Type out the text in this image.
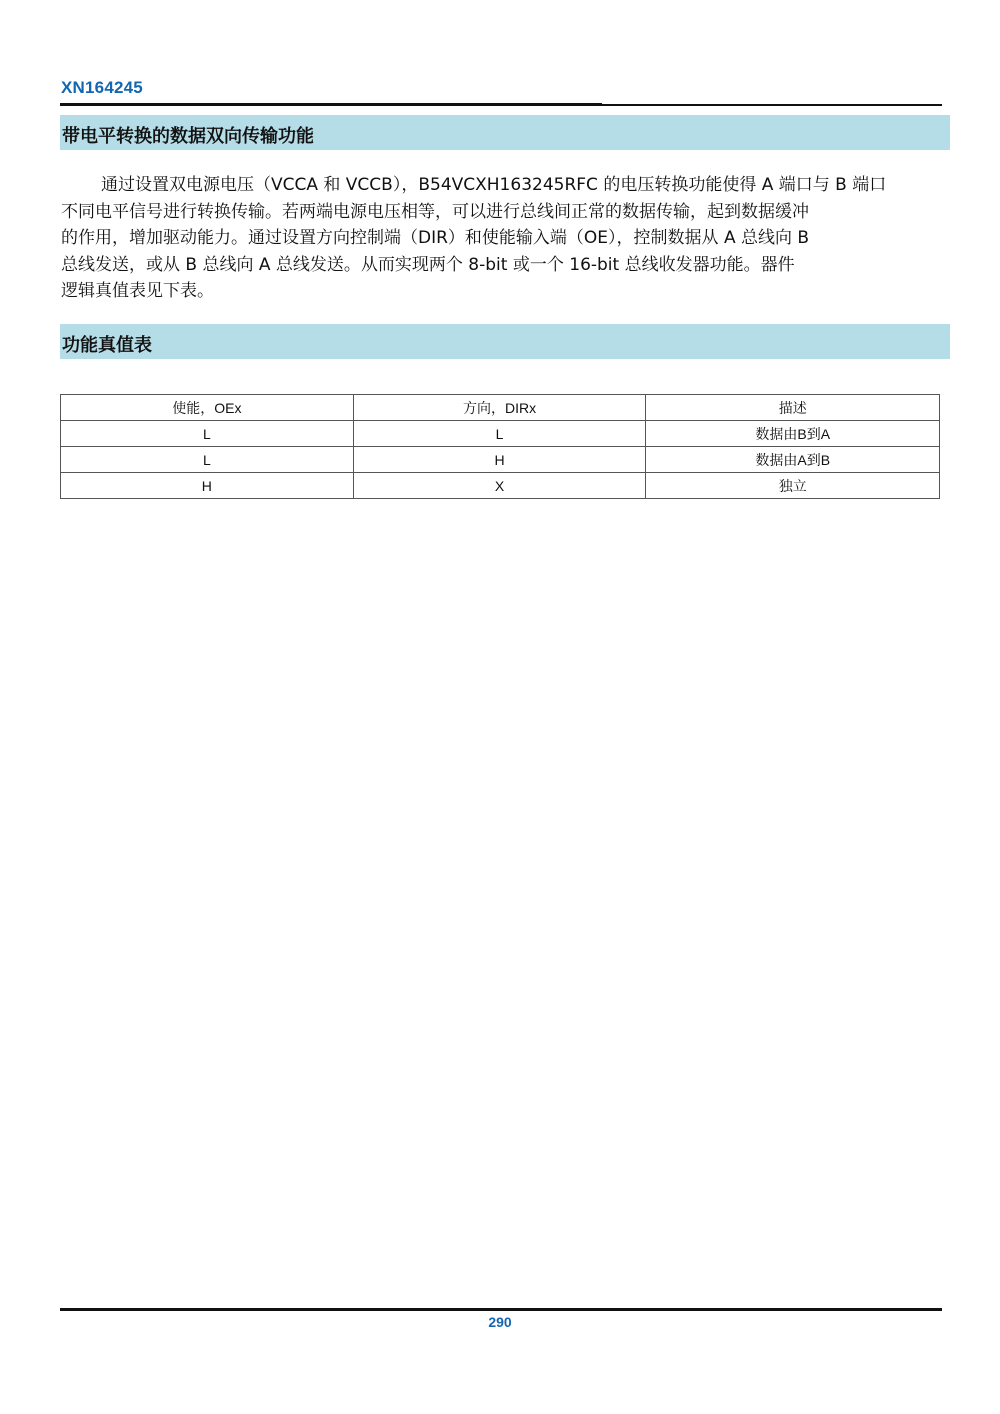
XN164245
带电平转换的数据双向传输功能
通过设置双电源电压（VCCA 和 VCCB），B54VCXH163245RFC 的电压转换功能使得 A 端口与 B 端口
不同电平信号进行转换传输。若两端电源电压相等，可以进行总线间正常的数据传输，起到数据缓冲
的作用，增加驱动能力。通过设置方向控制端（DIR）和使能输入端（OE），控制数据从 A 总线向 B
总线发送，或从 B 总线向 A 总线发送。从而实现两个 8-bit 或一个 16-bit 总线收发器功能。器件
逻辑真值表见下表。
功能真值表
使能，OEx	方向，DIRx	描述
L	L	数据由B到A
L	H	数据由A到B
H	X	独立
290
